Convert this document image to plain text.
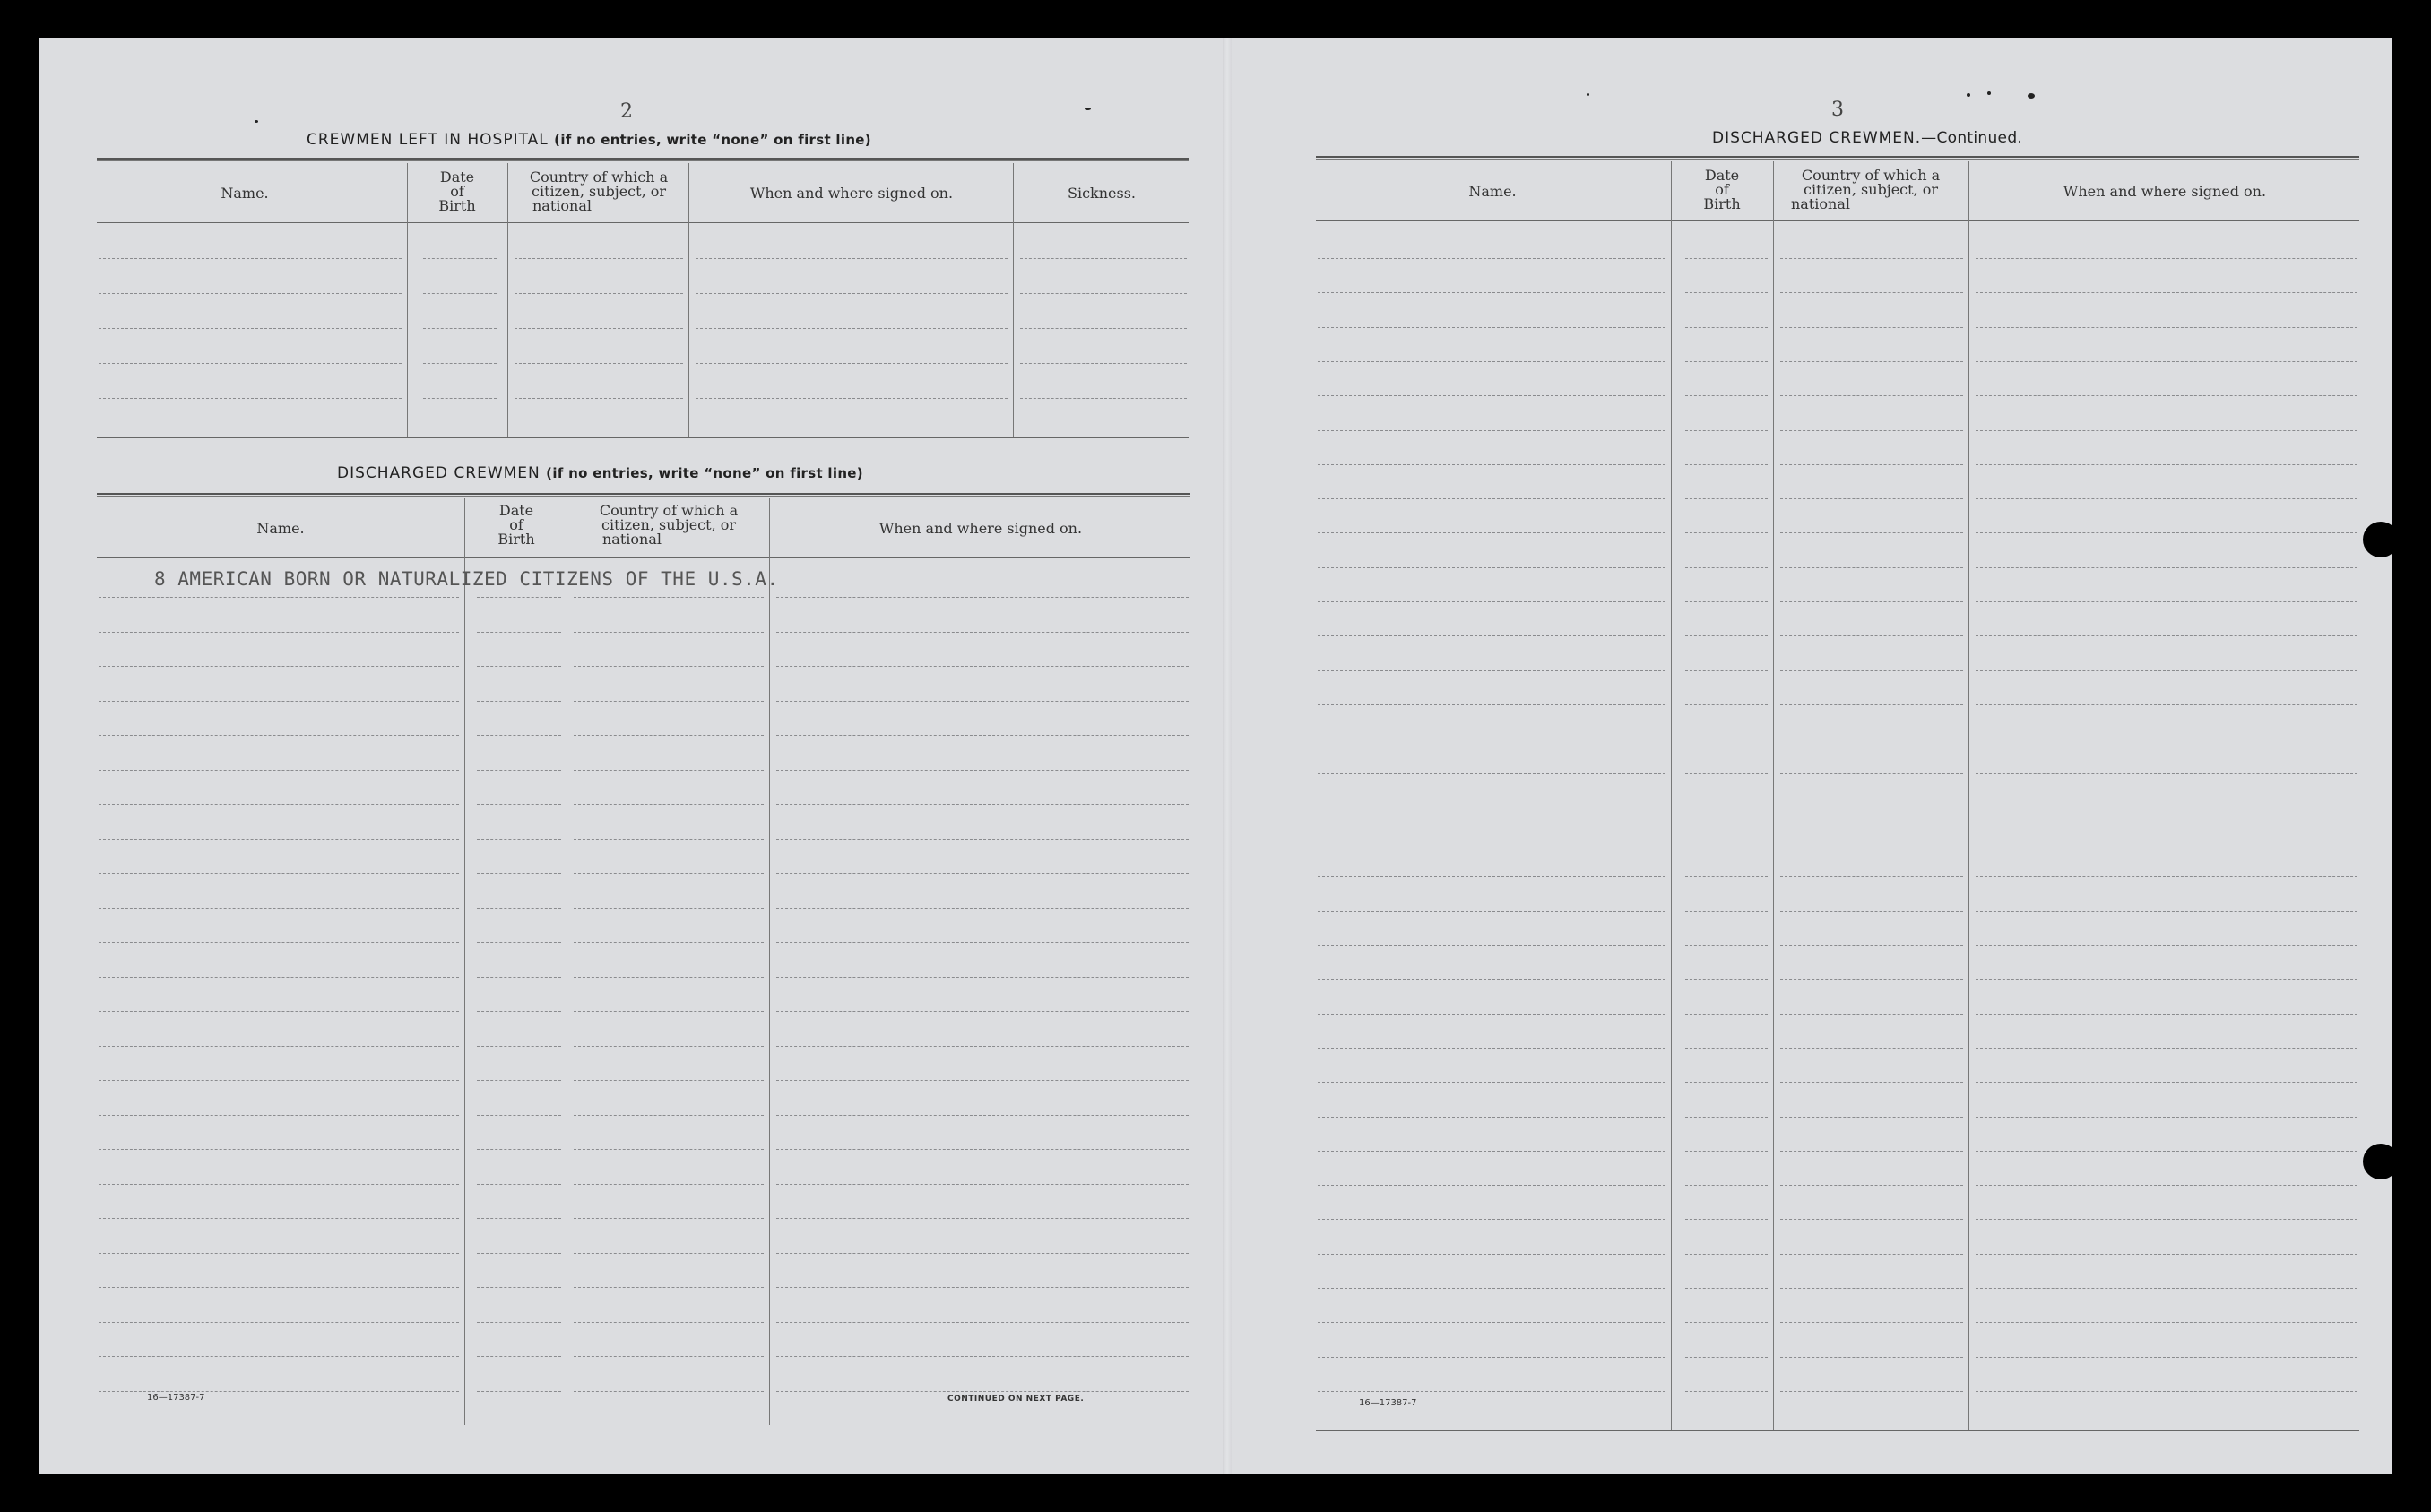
2
CREWMEN LEFT IN HOSPITAL (if no entries, write “none” on first line)
Name.
Date
of
Birth
Country of which a
citizen, subject, or
national
When and where signed on.	Sickness.
DISCHARGED CREWMEN (if no entries, write “none” on first line)
Name.
Date
of
Birth
Country of which a
citizen, subject, or
national
When and where signed on.
8 AMERICAN BORN OR NATURALIZED CITIZENS OF THE U.S.A.
16—17387-7	CONTINUED ON NEXT PAGE.
3
DISCHARGED CREWMEN.—Continued.
Name.
Date
of
Birth
Country of which a
citizen, subject, or
national
When and where signed on.
16—17387-7
